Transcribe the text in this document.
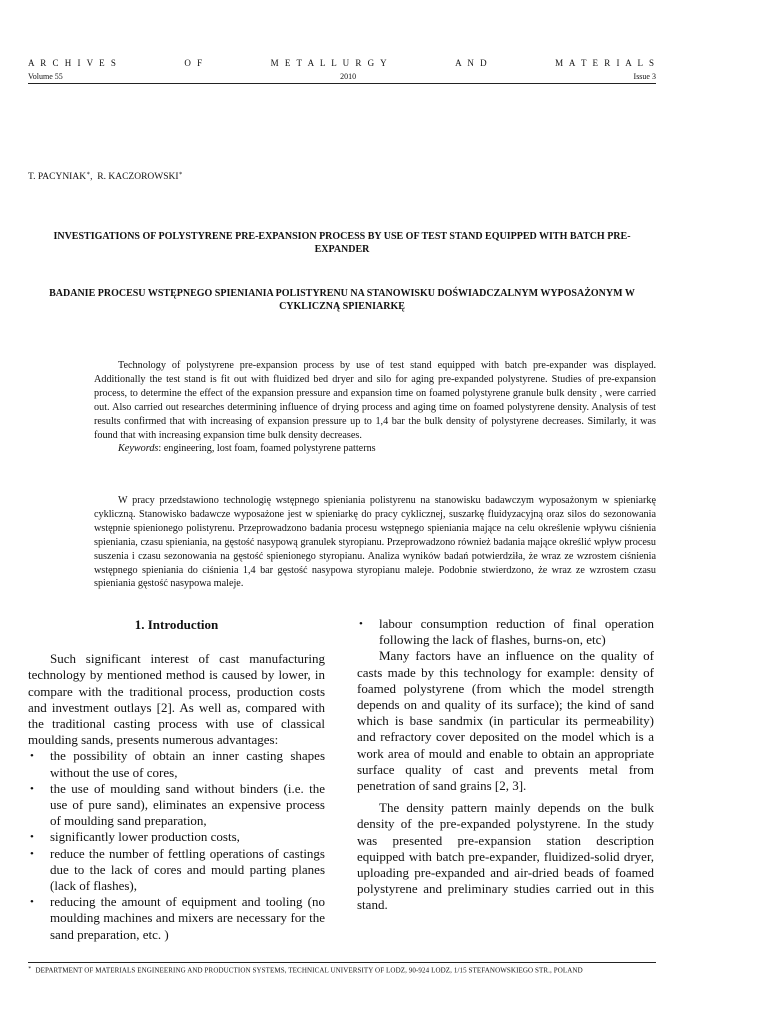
A R C H I V E S	O F	M E T A L L U R G Y	A N D	M A T E R I A L S
Volume 55	2010	Issue 3
T. PACYNIAK∗,  R. KACZOROWSKI∗
INVESTIGATIONS OF POLYSTYRENE PRE-EXPANSION PROCESS BY USE OF TEST STAND EQUIPPED WITH BATCH PRE-EXPANDER
BADANIE PROCESU WSTĘPNEGO SPIENIANIA POLISTYRENU NA STANOWISKU DOŚWIADCZALNYM WYPOSAŻONYM W CYKLICZNĄ SPIENIARKĘ

Technology of polystyrene pre-expansion process by use of test stand equipped with batch pre-expander was displayed. Additionally the test stand is fit out with fluidized bed dryer and silo for aging pre-expanded polystyrene. Studies of pre-expansion process, to determine the effect of the expansion pressure and expansion time on foamed polystyrene granule bulk density , were carried out. Also carried out researches determining influence of drying process and aging time on foamed polystyrene density. Analysis of test results confirmed that with increasing of expansion pressure up to 1,4 bar the bulk density of polystyrene decreases. Similarly, it was found that with increasing expansion time bulk density decreases.

Keywords: engineering, lost foam, foamed polystyrene patterns

W pracy przedstawiono technologię wstępnego spieniania polistyrenu na stanowisku badawczym wyposażonym w spieniarkę cykliczną. Stanowisko badawcze wyposażone jest w spieniarkę do pracy cyklicznej, suszarkę fluidyzacyjną oraz silos do sezonowania wstępnie spienionego polistyrenu. Przeprowadzono badania procesu wstępnego spieniania mające na celu określenie wpływu ciśnienia spieniania, czasu spieniania, na gęstość nasypową granulek styropianu. Przeprowadzono również badania mające określić wpływ procesu suszenia i czasu sezonowania na gęstość spienionego styropianu. Analiza wyników badań potwierdziła, że wraz ze wzrostem ciśnienia wstępnego spieniania do ciśnienia 1,4 bar gęstość nasypowa styropianu maleje. Podobnie stwierdzono, że wraz ze wzrostem czasu spieniania gęstość nasypowa maleje.

1. Introduction

Such significant interest of cast manufacturing technology by mentioned method is caused by lower, in compare with the traditional process, production costs and investment outlays [2]. As well as, compared with the traditional casting process with use of classical moulding sands, presents numerous advantages:

• the possibility of obtain an inner casting shapes without the use of cores,
• the use of moulding sand without binders (i.e. the use of pure sand), eliminates an expensive process of moulding sand preparation,
• significantly lower production costs,
• reduce the number of fettling operations of castings due to the lack of cores and mould parting planes (lack of flashes),
• reducing the amount of equipment and tooling (no moulding machines and mixers are necessary for the sand preparation, etc. )
• labour consumption reduction of final operation following the lack of flashes, burns-on, etc)

Many factors have an influence on the quality of casts made by this technology for example: density of foamed polystyrene (from which the model strength depends on and quality of its surface); the kind of sand which is base sandmix (in particular its permeability) and refractory cover deposited on the model which is a work area of mould and enable to obtain an appropriate surface quality of cast and prevents metal from penetration of sand grains [2, 3].

The density pattern mainly depends on the bulk density of the pre-expanded polystyrene. In the study was presented pre-expansion station description equipped with batch pre-expander, fluidized-solid dryer, uploading pre-expanded and air-dried beads of foamed polystyrene and preliminary studies carried out in this stand.

∗ DEPARTMENT OF MATERIALS ENGINEERING AND PRODUCTION SYSTEMS, TECHNICAL UNIVERSITY OF LODZ, 90-924 LODZ, 1/15 STEFANOWSKIEGO STR., POLAND
